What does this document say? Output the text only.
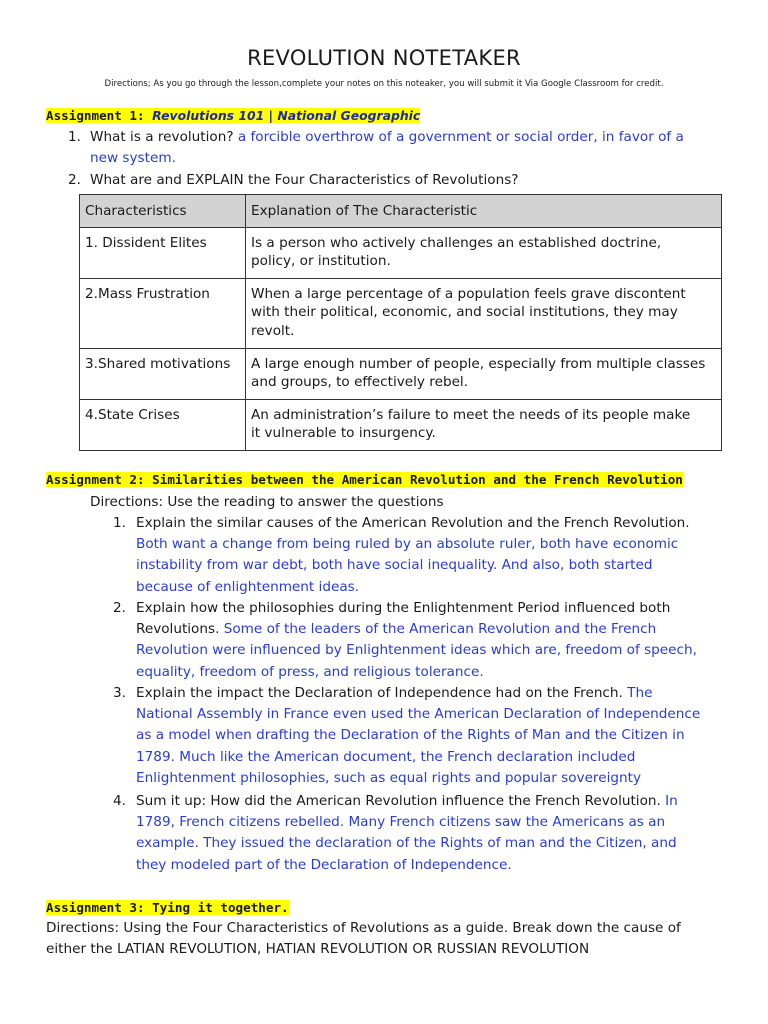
REVOLUTION NOTETAKER
Directions; As you go through the lesson,complete your notes on this noteaker, you will submit it Via Google Classroom for credit.
Assignment 1: Revolutions 101 | National Geographic
1. What is a revolution? a forcible overthrow of a government or social order, in favor of a
new system.
2. What are and EXPLAIN the Four Characteristics of Revolutions?
Characteristics	Explanation of The Characteristic
1. Dissident Elites	Is a person who actively challenges an established doctrine,
policy, or institution.
2.Mass Frustration	When a large percentage of a population feels grave discontent
with their political, economic, and social institutions, they may
revolt.
3.Shared motivations	A large enough number of people, especially from multiple classes
and groups, to effectively rebel.
4.State Crises	An administration’s failure to meet the needs of its people make
it vulnerable to insurgency.
Assignment 2: Similarities between the American Revolution and the French Revolution
Directions: Use the reading to answer the questions
1. Explain the similar causes of the American Revolution and the French Revolution.
Both want a change from being ruled by an absolute ruler, both have economic
instability from war debt, both have social inequality. And also, both started
because of enlightenment ideas.
2. Explain how the philosophies during the Enlightenment Period influenced both
Revolutions. Some of the leaders of the American Revolution and the French
Revolution were influenced by Enlightenment ideas which are, freedom of speech,
equality, freedom of press, and religious tolerance.
3. Explain the impact the Declaration of Independence had on the French. The
National Assembly in France even used the American Declaration of Independence
as a model when drafting the Declaration of the Rights of Man and the Citizen in
1789. Much like the American document, the French declaration included
Enlightenment philosophies, such as equal rights and popular sovereignty
4. Sum it up: How did the American Revolution influence the French Revolution. In
1789, French citizens rebelled. Many French citizens saw the Americans as an
example. They issued the declaration of the Rights of man and the Citizen, and
they modeled part of the Declaration of Independence.
Assignment 3: Tying it together.
Directions: Using the Four Characteristics of Revolutions as a guide. Break down the cause of
either the LATIAN REVOLUTION, HATIAN REVOLUTION OR RUSSIAN REVOLUTION
